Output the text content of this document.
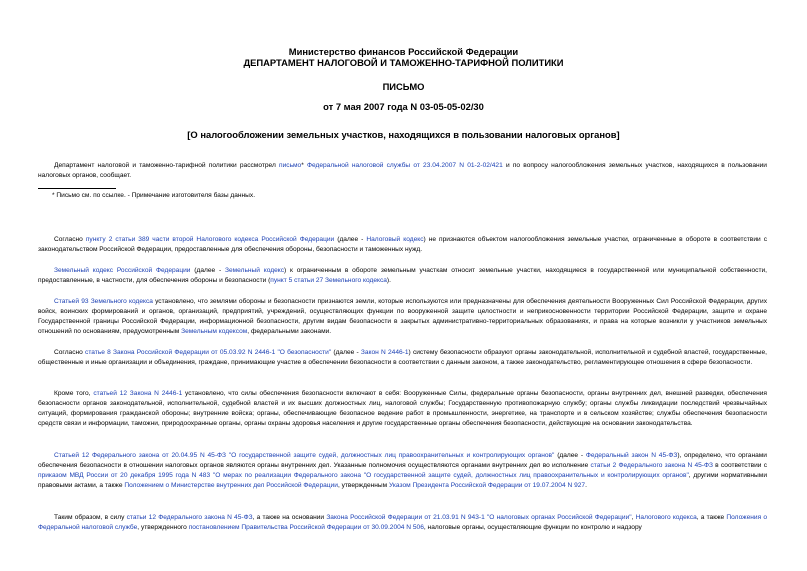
Министерство финансов Российской Федерации
ДЕПАРТАМЕНТ НАЛОГОВОЙ И ТАМОЖЕННО-ТАРИФНОЙ ПОЛИТИКИ
ПИСЬМО
от 7 мая 2007 года N 03-05-05-02/30
[О налогообложении земельных участков, находящихся в пользовании налоговых органов]
Департамент налоговой и таможенно-тарифной политики рассмотрел письмо* Федеральной налоговой службы от 23.04.2007 N 01-2-02/421 и по вопросу налогообложения земельных участков, находящихся в пользовании налоговых органов, сообщает.
* Письмо см. по ссылке. - Примечание изготовителя базы данных.
Согласно пункту 2 статьи 389 части второй Налогового кодекса Российской Федерации (далее - Налоговый кодекс) не признаются объектом налогообложения земельные участки, ограниченные в обороте в соответствии с законодательством Российской Федерации, предоставленные для обеспечения обороны, безопасности и таможенных нужд.
Земельный кодекс Российской Федерации (далее - Земельный кодекс) к ограниченным в обороте земельным участкам относит земельные участки, находящиеся в государственной или муниципальной собственности, предоставленные, в частности, для обеспечения обороны и безопасности (пункт 5 статьи 27 Земельного кодекса).
Статьей 93 Земельного кодекса установлено, что землями обороны и безопасности признаются земли, которые используются или предназначены для обеспечения деятельности Вооруженных Сил Российской Федерации, других войск, воинских формирований и органов, организаций, предприятий, учреждений, осуществляющих функции по вооруженной защите целостности и неприкосновенности территории Российской Федерации, защите и охране Государственной границы Российской Федерации, информационной безопасности, другим видам безопасности в закрытых административно-территориальных образованиях, и права на которые возникли у участников земельных отношений по основаниям, предусмотренным Земельным кодексом, федеральными законами.
Согласно статье 8 Закона Российской Федерации от 05.03.92 N 2446-1 "О безопасности" (далее - Закон N 2446-1) систему безопасности образуют органы законодательной, исполнительной и судебной властей, государственные, общественные и иные организации и объединения, граждане, принимающие участие в обеспечении безопасности в соответствии с данным законом, а также законодательство, регламентирующее отношения в сфере безопасности.
Кроме того, статьей 12 Закона N 2446-1 установлено, что силы обеспечения безопасности включают в себя: Вооруженные Силы, федеральные органы безопасности, органы внутренних дел, внешней разведки, обеспечения безопасности органов законодательной, исполнительной, судебной властей и их высших должностных лиц, налоговой службы; Государственную противопожарную службу; органы службы ликвидации последствий чрезвычайных ситуаций, формирования гражданской обороны; внутренние войска; органы, обеспечивающие безопасное ведение работ в промышленности, энергетике, на транспорте и в сельском хозяйстве; службы обеспечения безопасности средств связи и информации, таможни, природоохранные органы, органы охраны здоровья населения и другие государственные органы обеспечения безопасности, действующие на основании законодательства.
Статьей 12 Федерального закона от 20.04.95 N 45-ФЗ "О государственной защите судей, должностных лиц правоохранительных и контролирующих органов" (далее - Федеральный закон N 45-ФЗ), определено, что органами обеспечения безопасности в отношении налоговых органов являются органы внутренних дел. Указанные полномочия осуществляются органами внутренних дел во исполнение статьи 2 Федерального закона N 45-ФЗ в соответствии с приказом МВД России от 20 декабря 1995 года N 483 "О мерах по реализации Федерального закона "О государственной защите судей, должностных лиц правоохранительных и контролирующих органов", другими нормативными правовыми актами, а также Положением о Министерстве внутренних дел Российской Федерации, утвержденным Указом Президента Российской Федерации от 19.07.2004 N 927.
Таким образом, в силу статьи 12 Федерального закона N 45-ФЗ, а также на основании Закона Российской Федерации от 21.03.91 N 943-1 "О налоговых органах Российской Федерации", Налогового кодекса, а также Положения о Федеральной налоговой службе, утвержденного постановлением Правительства Российской Федерации от 30.09.2004 N 506, налоговые органы, осуществляющие функции по контролю и надзору
